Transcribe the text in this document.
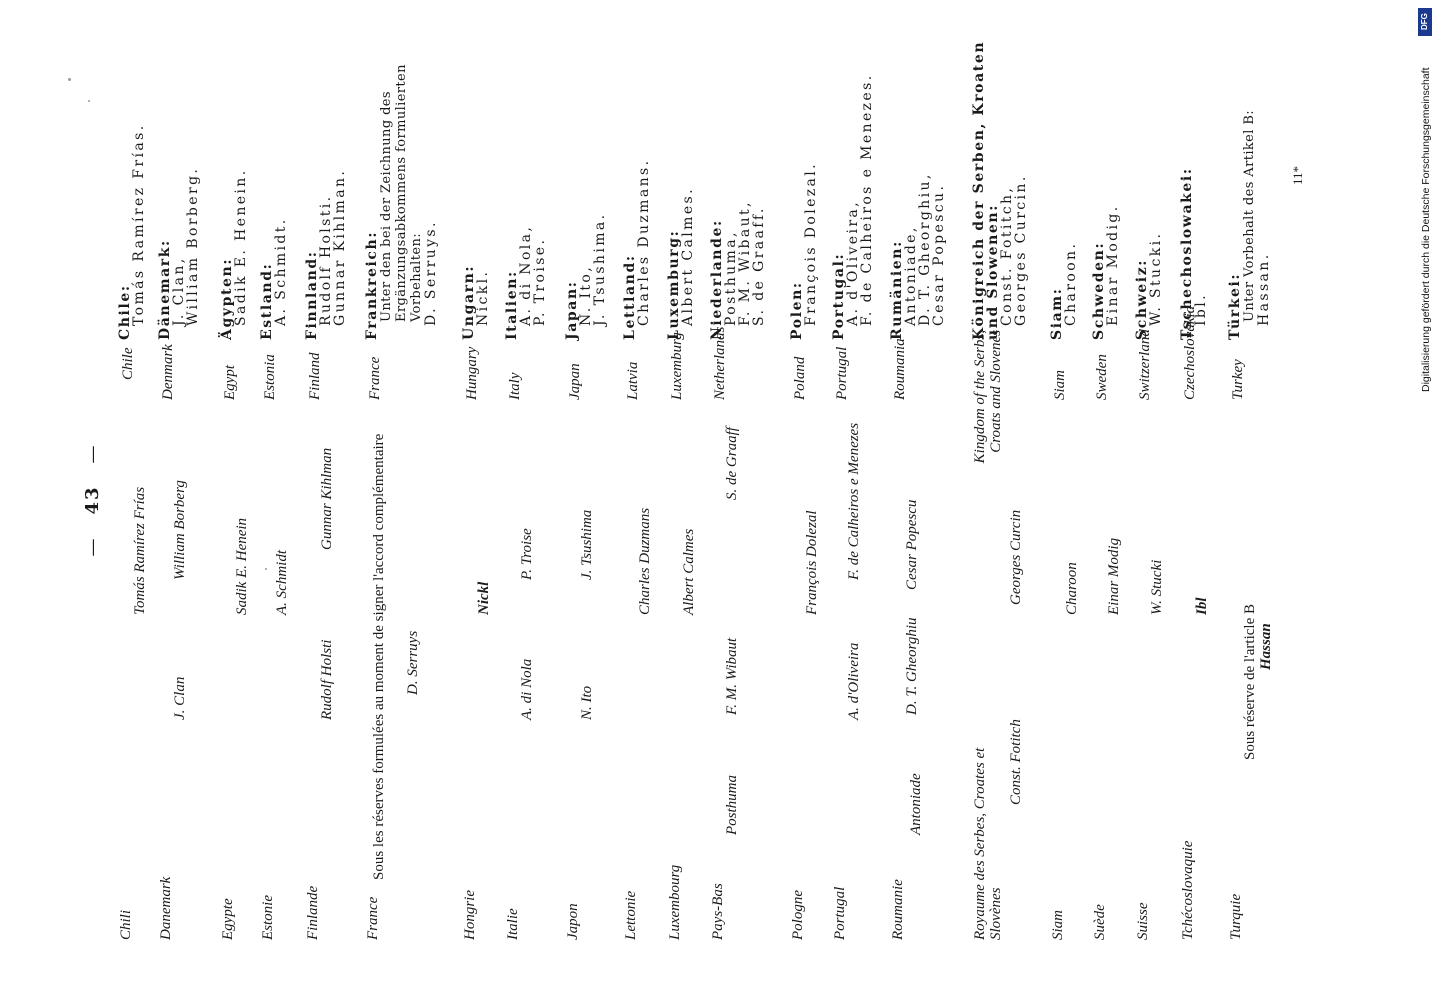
—43—
Chili
Tomás Ramírez Frías
Chile
Chile:
Tomás Ramírez Frías.
Danemark
J. Clan
William Borberg
Denmark
Dänemark:
J. Clan,
William Borberg.
Egypte
Sadik E. Henein
Egypt
Ägypten:
Sadik E. Henein.
Estonie
A. Schmidt
Estonia
Estland:
A. Schmidt.
Finlande
Rudolf Holsti
Gunnar Kihlman
Finland
Finnland:
Rudolf Holsti.
Gunnar Kihlman.
France
Sous les réserves formulées au moment de signer l'accord complémentaire D. Serruys
France
Frankreich: Unter den bei der Zeichnung des Ergänzungsabkommens formulierten Vorbehalten: D. Serruys.
Hongrie
Nickl
Hungary
Ungarn:
Nickl.
Italie
A. di Nola
P. Troise
Italy
Italien:
A. di Nola,
P. Troise.
Japon
N. Ito
J. Tsushima
Japan
Japan:
N. Ito,
J. Tsushima.
Lettonie
Charles Duzmans
Latvia
Lettland:
Charles Duzmans.
Luxembourg
Albert Calmes
Luxemburg
Luxemburg:
Albert Calmes.
Pays-Bas
Posthuma
F. M. Wibaut
S. de Graaff
Netherlands
Niederlande:
Posthuma,
F. M. Wibaut,
S. de Graaff.
Pologne
François Dolezal
Poland
Polen:
François Dolezal.
Portugal
A. d'Oliveira
F. de Calheiros e Menezes
Portugal
Portugal:
A. d'Oliveira,
F. de Calheiros e Menezes.
Roumanie
Antoniade
D. T. Gheorghiu
Cesar Popescu
Roumania
Rumänien:
Antoniade,
D. T. Gheorghiu,
Cesar Popescu.
Royaume des Serbes, Croates et Slovènes
Const. Fotitch
Georges Curcin
Kingdom of the Serbs, Croats and Slovenes
Königreich der Serben, Kroaten und Slowenen:
Const. Fotitch,
Georges Curcin.
Siam
Charoon
Siam
Siam:
Charoon.
Suède
Einar Modig
Sweden
Schweden:
Einar Modig.
Suisse
W. Stucki
Switzerland
Schweiz:
W. Stucki.
Tchécoslovaquie
Ibl
Czechoslovakia
Tschechoslowakei:
Ibl.
Turquie
Sous réserve de l'article B Hassan
Turkey
Türkei: Unter Vorbehalt des Artikel B: Hassan.
11*
DFG
Digitalisierung gefördert durch die Deutsche Forschungsgemeinschaft
